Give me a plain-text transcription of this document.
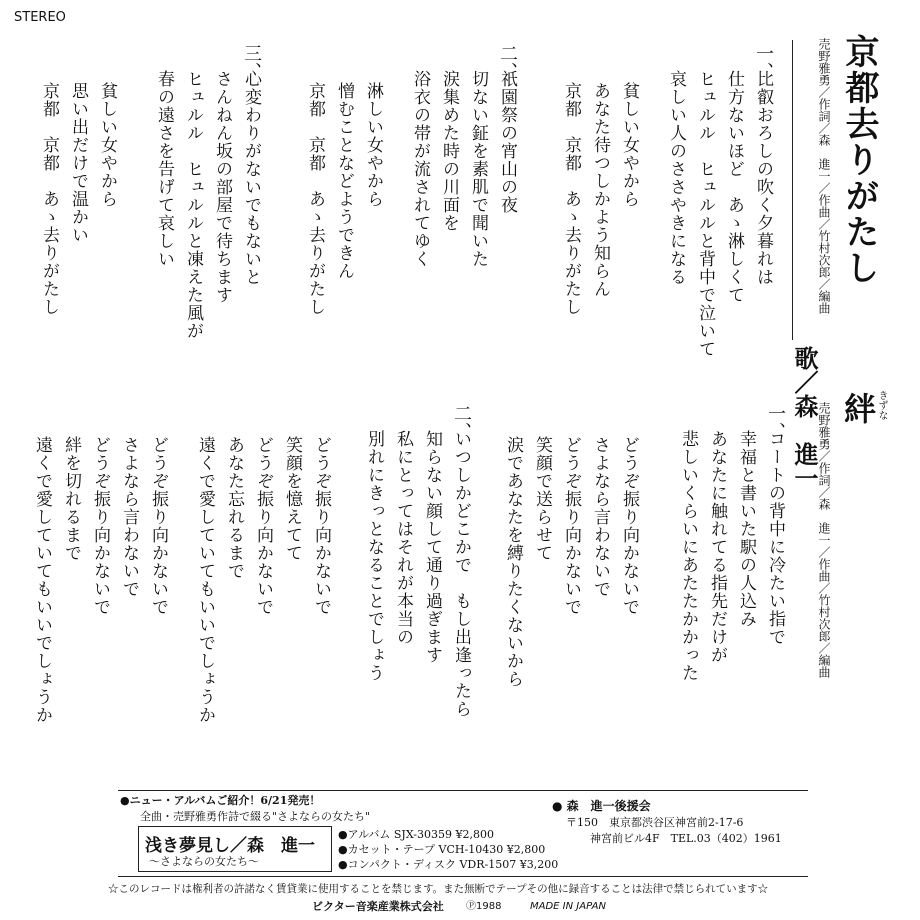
STEREO
京都去りがたし
売野雅勇／作詞／森　進一／作曲／竹村次郎／編曲
一、
比叡おろしの吹く夕暮れは
仕方ないほど　あゝ淋しくて
ヒュルル　ヒュルルと背中で泣いて
哀しい人のささやきになる
貧しい女やから
あなた待つしかよう知らん
京都　京都　あゝ去りがたし
二、
祇園祭の宵山の夜
切ない鉦を素肌で聞いた
涙集めた時の川面を
浴衣の帯が流されてゆく
淋しい女やから
憎むことなどようできん
京都　京都　あゝ去りがたし
三、
心変わりがないでもないと
さんねん坂の部屋で待ちます
ヒュルル　ヒュルルと凍えた風が
春の遠さを告げて哀しい
貧しい女やから
思い出だけで温かい
京都　京都　あゝ去りがたし
歌／森　進一 絆 きずな
売野雅勇／作詞／森　進一／作曲／竹村次郎／編曲
一、
コートの背中に冷たい指で
幸福と書いた駅の人込み
あなたに触れてる指先だけが
悲しいくらいにあたたかかった
どうぞ振り向かないで
さよなら言わないで
どうぞ振り向かないで
笑顔で送らせて
涙であなたを縛りたくないから
二、
いつしかどこかで　もし出逢ったら
知らない顔して通り過ぎます
私にとってはそれが本当の
別れにきっとなることでしょう
どうぞ振り向かないで
笑顔を憶えてて
どうぞ振り向かないで
あなた忘れるまで
遠くで愛していてもいいでしょうか
どうぞ振り向かないで
さよなら言わないで
どうぞ振り向かないで
絆を切れるまで
遠くで愛していてもいいでしょうか
●ニュー・アルバムご紹介！6/21発売！
全曲・売野雅勇作詩で綴る"さよならの女たち"
浅き夢見し／森　進一
～さよならの女たち～
●アルバム SJX-30359 ¥2,800
●カセット・テープ VCH-10430 ¥2,800
●コンパクト・ディスク VDR-1507 ¥3,200
● 森　進一後援会
〒150　東京都渋谷区神宮前2-17-6
神宮前ビル4F　TEL.03（402）1961
☆このレコードは権利者の許諾なく賃貸業に使用することを禁じます。また無断でテープその他に録音することは法律で禁じられています☆
ビクター音楽産業株式会社 Ⓟ1988	MADE IN JAPAN
